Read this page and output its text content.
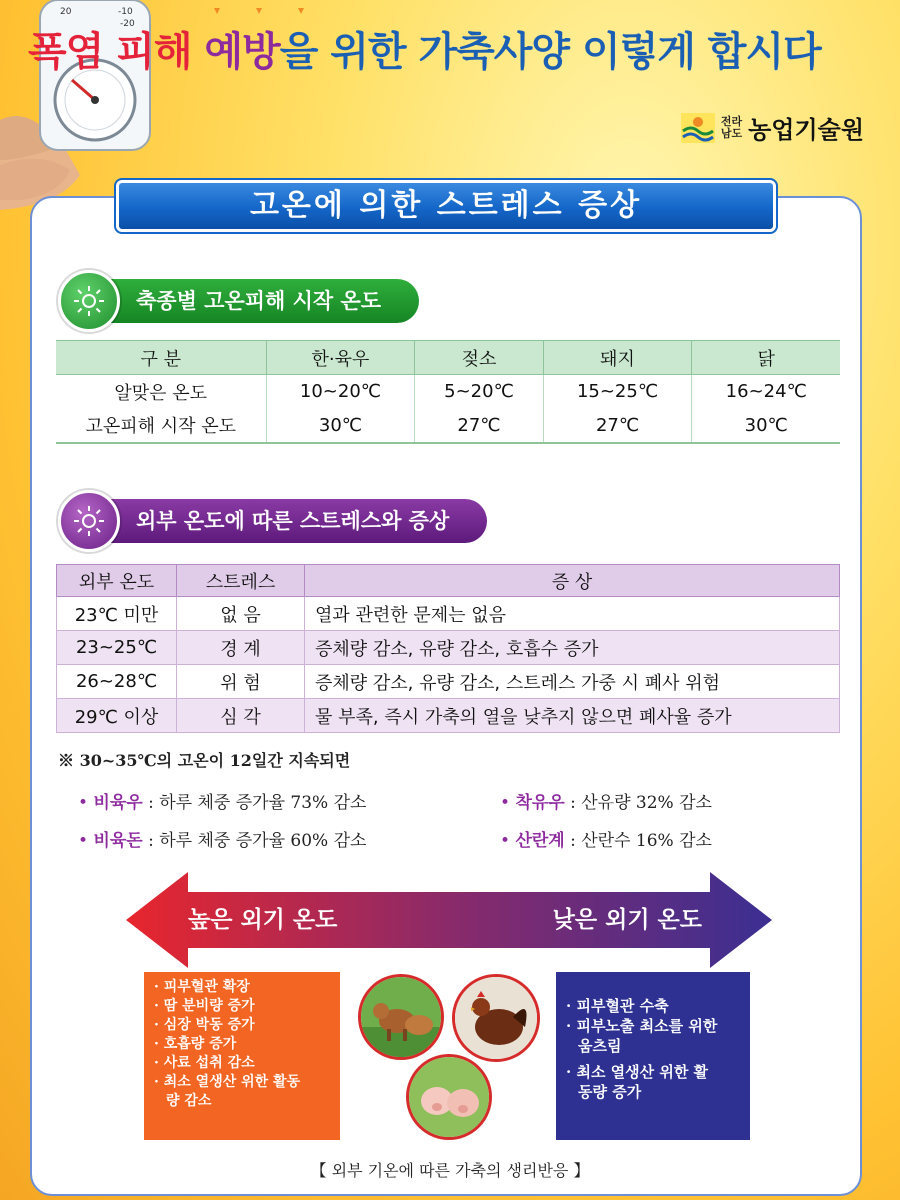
20	-10
-20
폭염 피해 예방을 위한 가축사양 이렇게 합시다
전라
남도 농업기술원
고온에 의한 스트레스 증상
축종별 고온피해 시작 온도
구 분	한·육우	젖소	돼지	닭
알맞은 온도	10~20℃	5~20℃	15~25℃	16~24℃
고온피해 시작 온도	30℃	27℃	27℃	30℃
외부 온도에 따른 스트레스와 증상
외부 온도	스트레스	증 상
23℃ 미만	없 음	열과 관련한 문제는 없음
23~25℃	경 계	증체량 감소, 유량 감소, 호흡수 증가
26~28℃	위 험	증체량 감소, 유량 감소, 스트레스 가중 시 폐사 위험
29℃ 이상	심 각	물 부족, 즉시 가축의 열을 낮추지 않으면 폐사율 증가
※ 30~35℃의 고온이 12일간 지속되면
• 비육우 : 하루 체중 증가율 73% 감소	• 착유우 : 산유량 32% 감소
• 비육돈 : 하루 체중 증가율 60% 감소	• 산란계 : 산란수 16% 감소
높은 외기 온도	낮은 외기 온도
· 피부혈관 확장
· 땀 분비량 증가
· 심장 박동 증가
· 호흡량 증가
· 사료 섭취 감소
· 최소 열생산 위한 활동량 감소
· 피부혈관 수축
· 피부노출 최소를 위한 움츠림
· 최소 열생산 위한 활동량 증가
【 외부 기온에 따른 가축의 생리반응 】
